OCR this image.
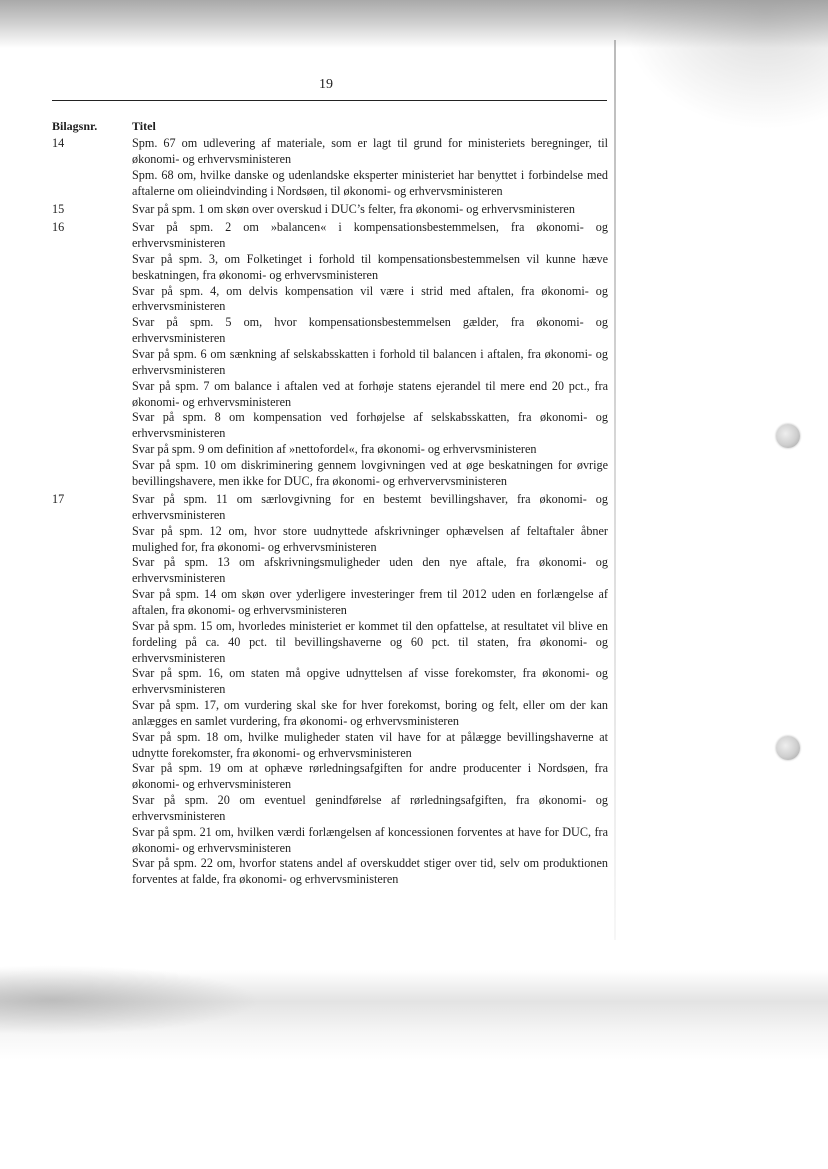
19
Bilagsnr.	Titel
14	Spm. 67 om udlevering af materiale, som er lagt til grund for ministeriets beregninger, til økonomi- og erhvervsministeren

Spm. 68 om, hvilke danske og udenlandske eksperter ministeriet har benyttet i forbindelse med aftalerne om olieindvinding i Nordsøen, til økonomi- og erhvervsministeren

15	Svar på spm. 1 om skøn over overskud i DUC’s felter, fra økonomi- og erhvervsministeren

16	Svar på spm. 2 om »balancen« i kompensationsbestemmelsen, fra økonomi- og erhvervsministeren

Svar på spm. 3, om Folketinget i forhold til kompensationsbestemmelsen vil kunne hæve beskatningen, fra økonomi- og erhvervsministeren

Svar på spm. 4, om delvis kompensation vil være i strid med aftalen, fra økonomi- og erhvervsministeren

Svar på spm. 5 om, hvor kompensationsbestemmelsen gælder, fra økonomi- og erhvervsministeren

Svar på spm. 6 om sænkning af selskabsskatten i forhold til balancen i aftalen, fra økonomi- og erhvervsministeren

Svar på spm. 7 om balance i aftalen ved at forhøje statens ejerandel til mere end 20 pct., fra økonomi- og erhvervsministeren

Svar på spm. 8 om kompensation ved forhøjelse af selskabsskatten, fra økonomi- og erhvervsministeren

Svar på spm. 9 om definition af »nettofordel«, fra økonomi- og erhvervsministeren

Svar på spm. 10 om diskriminering gennem lovgivningen ved at øge beskatningen for øvrige bevillingshavere, men ikke for DUC, fra økonomi- og erhververvsministeren

17	Svar på spm. 11 om særlovgivning for en bestemt bevillingshaver, fra økonomi- og erhvervsministeren

Svar på spm. 12 om, hvor store uudnyttede afskrivninger ophævelsen af feltaftaler åbner mulighed for, fra økonomi- og erhvervsministeren

Svar på spm. 13 om afskrivningsmuligheder uden den nye aftale, fra økonomi- og erhvervsministeren

Svar på spm. 14 om skøn over yderligere investeringer frem til 2012 uden en forlængelse af aftalen, fra økonomi- og erhvervsministeren

Svar på spm. 15 om, hvorledes ministeriet er kommet til den opfattelse, at resultatet vil blive en fordeling på ca. 40 pct. til bevillingshaverne og 60 pct. til staten, fra økonomi- og erhvervsministeren

Svar på spm. 16, om staten må opgive udnyttelsen af visse forekomster, fra økonomi- og erhvervsministeren

Svar på spm. 17, om vurdering skal ske for hver forekomst, boring og felt, eller om der kan anlægges en samlet vurdering, fra økonomi- og erhvervsministeren

Svar på spm. 18 om, hvilke muligheder staten vil have for at pålægge bevillingshaverne at udnytte forekomster, fra økonomi- og erhvervsministeren

Svar på spm. 19 om at ophæve rørledningsafgiften for andre producenter i Nordsøen, fra økonomi- og erhvervsministeren

Svar på spm. 20 om eventuel genindførelse af rørledningsafgiften, fra økonomi- og erhvervsministeren

Svar på spm. 21 om, hvilken værdi forlængelsen af koncessionen forventes at have for DUC, fra økonomi- og erhvervsministeren

Svar på spm. 22 om, hvorfor statens andel af overskuddet stiger over tid, selv om produktionen forventes at falde, fra økonomi- og erhvervsministeren
